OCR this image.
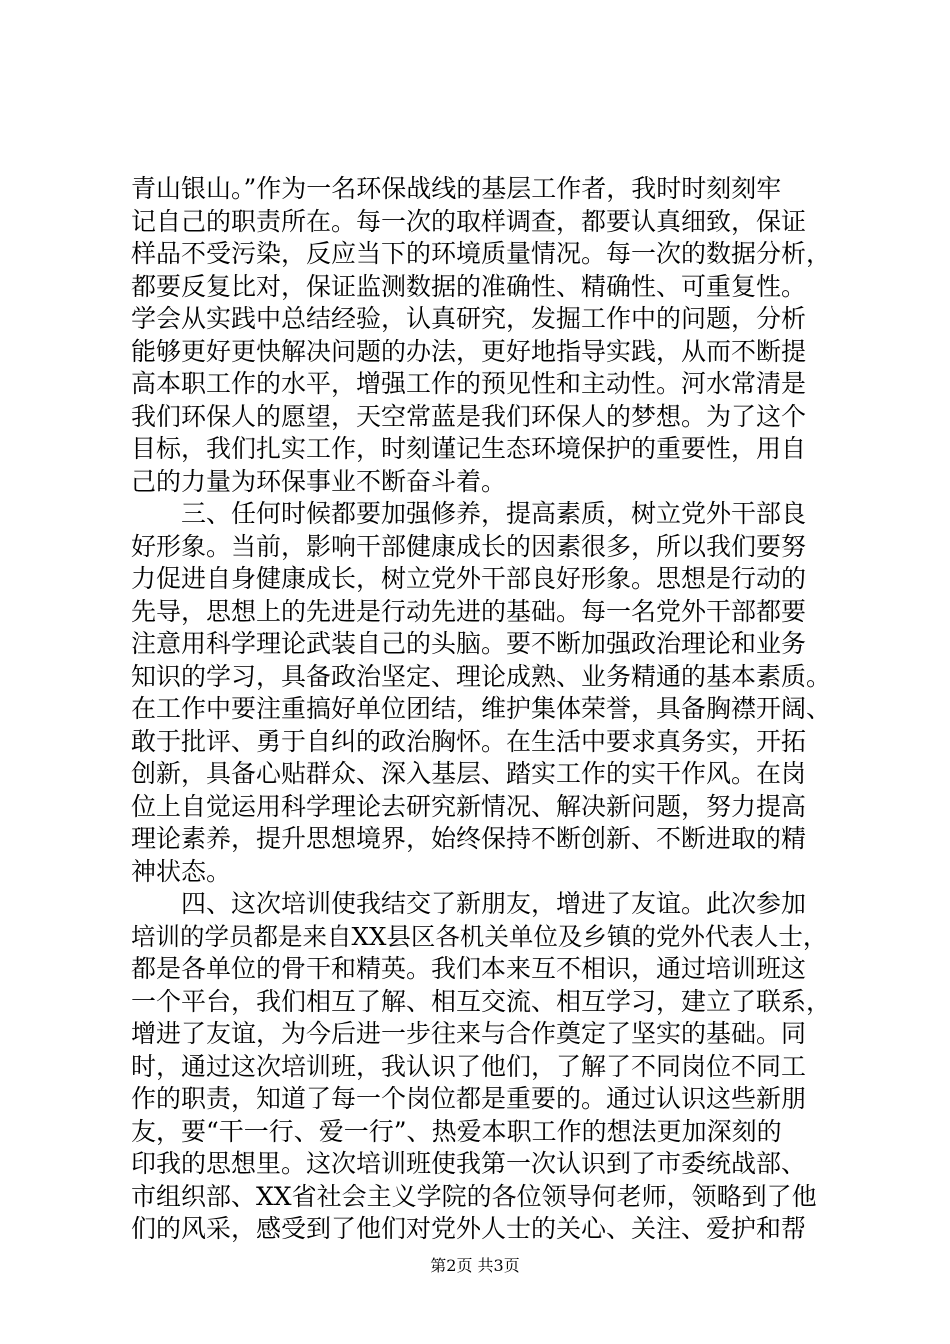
青山银山。”作为一名环保战线的基层工作者，我时时刻刻牢
记自己的职责所在。每一次的取样调查，都要认真细致，保证
样品不受污染，反应当下的环境质量情况。每一次的数据分析，
都要反复比对，保证监测数据的准确性、精确性、可重复性。
学会从实践中总结经验，认真研究，发掘工作中的问题，分析
能够更好更快解决问题的办法，更好地指导实践，从而不断提
高本职工作的水平，增强工作的预见性和主动性。河水常清是
我们环保人的愿望，天空常蓝是我们环保人的梦想。为了这个
目标，我们扎实工作，时刻谨记生态环境保护的重要性，用自
己的力量为环保事业不断奋斗着。
　　三、任何时候都要加强修养，提高素质，树立党外干部良
好形象。当前，影响干部健康成长的因素很多，所以我们要努
力促进自身健康成长，树立党外干部良好形象。思想是行动的
先导，思想上的先进是行动先进的基础。每一名党外干部都要
注意用科学理论武装自己的头脑。要不断加强政治理论和业务
知识的学习，具备政治坚定、理论成熟、业务精通的基本素质。
在工作中要注重搞好单位团结，维护集体荣誉，具备胸襟开阔、
敢于批评、勇于自纠的政治胸怀。在生活中要求真务实，开拓
创新，具备心贴群众、深入基层、踏实工作的实干作风。在岗
位上自觉运用科学理论去研究新情况、解决新问题，努力提高
理论素养，提升思想境界，始终保持不断创新、不断进取的精
神状态。
　　四、这次培训使我结交了新朋友，增进了友谊。此次参加
培训的学员都是来自XX县区各机关单位及乡镇的党外代表人士，
都是各单位的骨干和精英。我们本来互不相识，通过培训班这
一个平台，我们相互了解、相互交流、相互学习，建立了联系，
增进了友谊，为今后进一步往来与合作奠定了坚实的基础。同
时，通过这次培训班，我认识了他们，了解了不同岗位不同工
作的职责，知道了每一个岗位都是重要的。通过认识这些新朋
友，要“干一行、爱一行”、热爱本职工作的想法更加深刻的
印我的思想里。这次培训班使我第一次认识到了市委统战部、
市组织部、XX省社会主义学院的各位领导何老师，领略到了他
们的风采，感受到了他们对党外人士的关心、关注、爱护和帮
第2页 共3页
